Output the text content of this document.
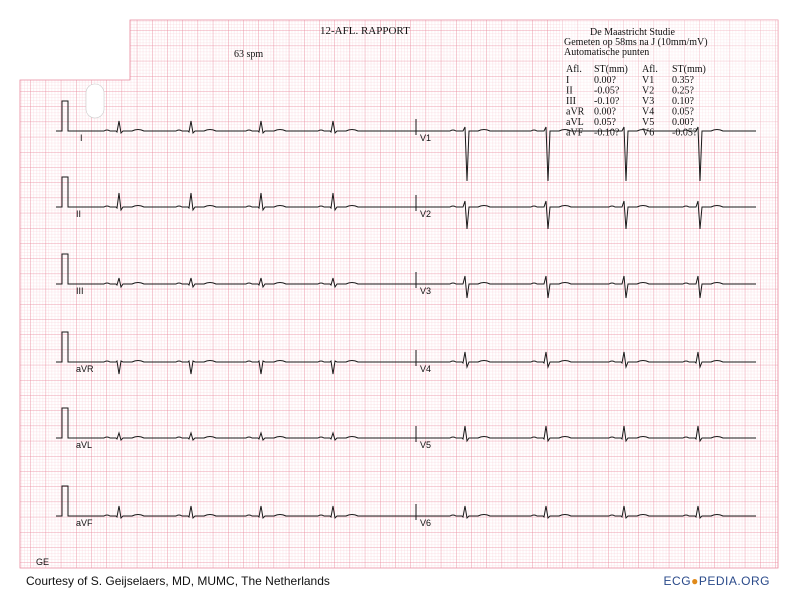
12-AFL. RAPPORT
63 spm
De Maastricht Studie
Gemeten op 58ms na J (10mm/mV)
Automatische punten
Afl. ST(mm) Afl. ST(mm)
I 0.00?	V1 0.35?
II -0.05? V2 0.25?
III -0.10? V3 0.10?
aVR 0.00?	V4 0.05?
aVL 0.05?	V5 0.00?
aVF -0.10? V6 -0.05?
I	V1
II	V2
III	V3
aVR	V4
aVL	V5
aVF	V6
GE
Courtesy of S. Geijselaers, MD, MUMC, The Netherlands	ECG●PEDIA.ORG
